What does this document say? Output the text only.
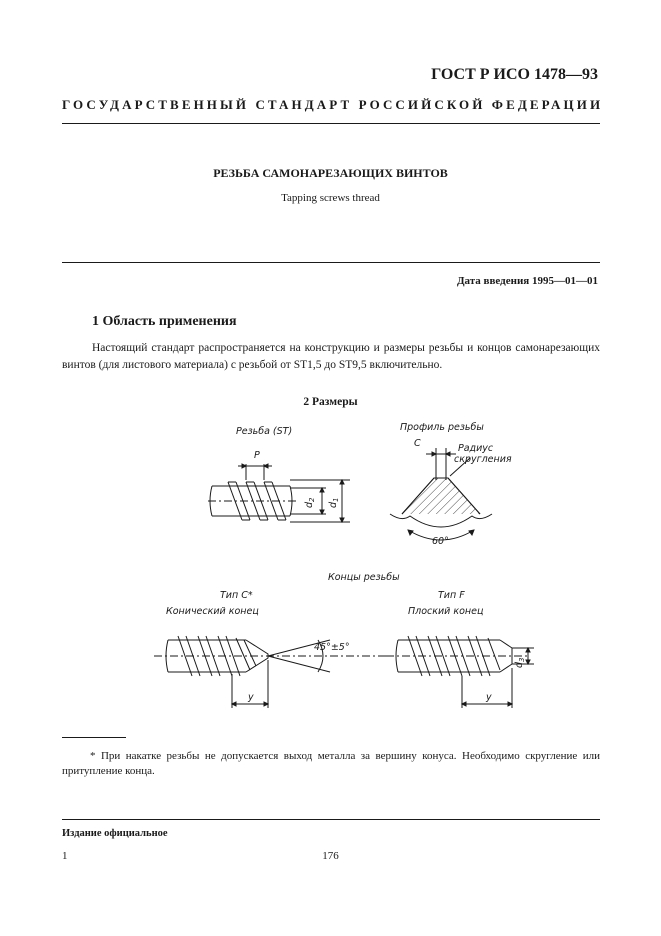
ГОСТ Р ИСО 1478—93
ГОСУДАРСТВЕННЫЙ СТАНДАРТ РОССИЙСКОЙ ФЕДЕРАЦИИ
РЕЗЬБА САМОНАРЕЗАЮЩИХ ВИНТОВ
Tapping screws thread
Дата введения 1995—01—01
1 Область применения
Настоящий стандарт распространяется на конструкцию и размеры резьбы и концов самонарезающих винтов (для листового материала) с резьбой от ST1,5 до ST9,5 включительно.
2 Размеры
Резьба (ST)	Профиль резьбы
P
$d_2$
$d_1$
C	Радиус
скругления
60°
Концы резьбы
Тип С*
Конический конец
45°±5°
y
Тип F
Плоский конец
y
$d_3$
* При накатке резьбы не допускается выход металла за вершину конуса. Необходимо скругление или притупление конца.
Издание официальное
1	176
